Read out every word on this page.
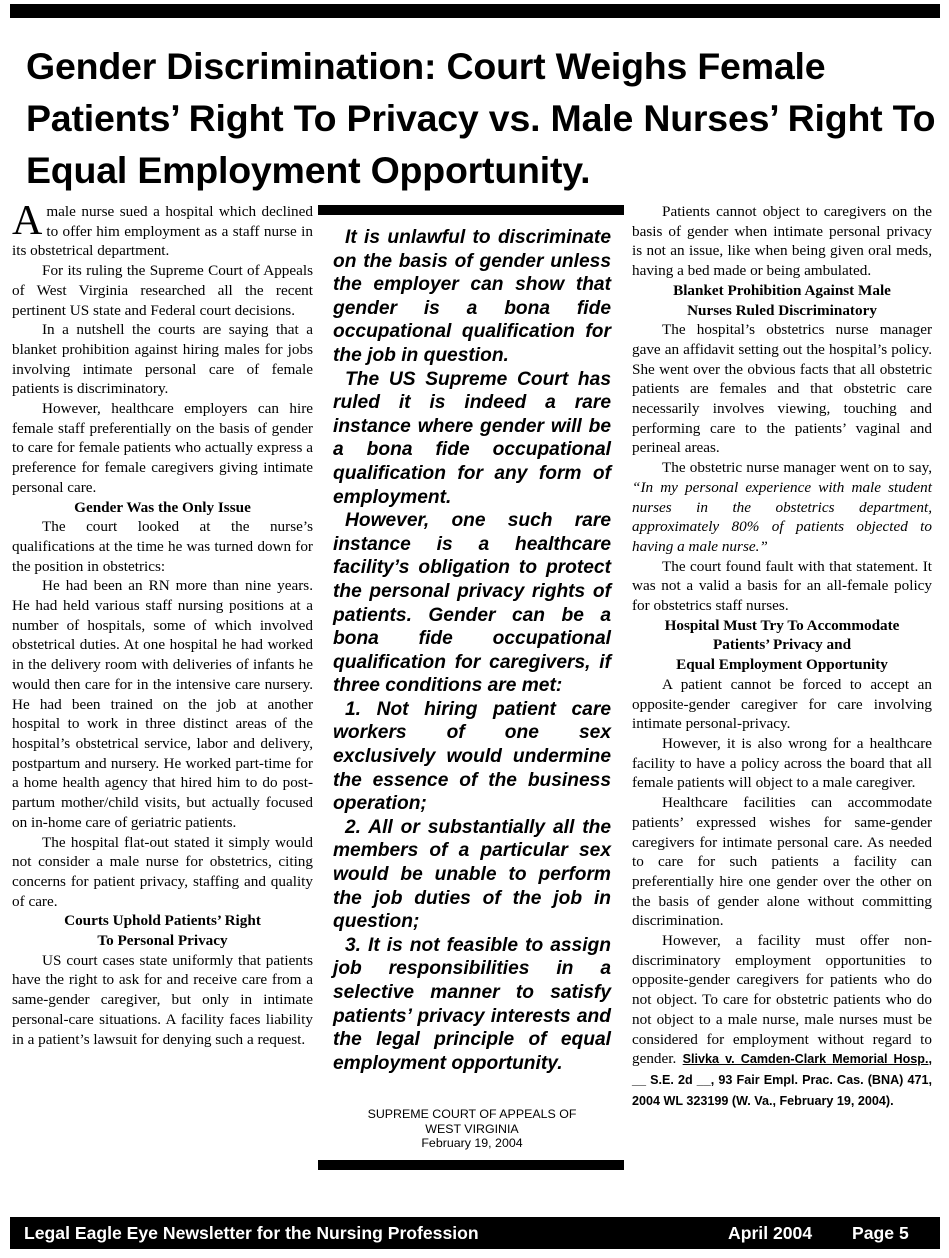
Gender Discrimination: Court Weighs Female Patients’ Right To Privacy vs. Male Nurses’ Right To Equal Employment Opportunity.

Amale nurse sued a hospital which declined to offer him employment as a staff nurse in its obstetrical department.

For its ruling the Supreme Court of Appeals of West Virginia researched all the recent pertinent US state and Federal court decisions.

In a nutshell the courts are saying that a blanket prohibition against hiring males for jobs involving intimate personal care of female patients is discriminatory.

However, healthcare employers can hire female staff preferentially on the basis of gender to care for female patients who actually express a preference for female caregivers giving intimate personal care.

Gender Was the Only Issue

The court looked at the nurse’s qualifications at the time he was turned down for the position in obstetrics:

He had been an RN more than nine years. He had held various staff nursing positions at a number of hospitals, some of which involved obstetrical duties. At one hospital he had worked in the delivery room with deliveries of infants he would then care for in the intensive care nursery. He had been trained on the job at another hospital to work in three distinct areas of the hospital’s obstetrical service, labor and delivery, postpartum and nursery. He worked part-time for a home health agency that hired him to do post-partum mother/child visits, but actually focused on in-home care of geriatric patients.

The hospital flat-out stated it simply would not consider a male nurse for obstetrics, citing concerns for patient privacy, staffing and quality of care.

Courts Uphold Patients’ Right
To Personal Privacy

US court cases state uniformly that patients have the right to ask for and receive care from a same-gender caregiver, but only in intimate personal-care situations. A facility faces liability in a patient’s lawsuit for denying such a request.

It is unlawful to discriminate on the basis of gender unless the employer can show that gender is a bona fide occupational qualification for the job in question.

The US Supreme Court has ruled it is indeed a rare instance where gender will be a bona fide occupational qualification for any form of employment.

However, one such rare instance is a healthcare facility’s obligation to protect the personal privacy rights of patients. Gender can be a bona fide occupational qualification for caregivers, if three conditions are met:

1. Not hiring patient care workers of one sex exclusively would undermine the essence of the business operation;

2. All or substantially all the members of a particular sex would be unable to perform the job duties of the job in question;

3. It is not feasible to assign job responsibilities in a selective manner to satisfy patients’ privacy interests and the legal principle of equal employment opportunity.

SUPREME COURT OF APPEALS OF
WEST VIRGINIA
February 19, 2004

Patients cannot object to caregivers on the basis of gender when intimate personal privacy is not an issue, like when being given oral meds, having a bed made or being ambulated.

Blanket Prohibition Against Male
Nurses Ruled Discriminatory

The hospital’s obstetrics nurse manager gave an affidavit setting out the hospital’s policy. She went over the obvious facts that all obstetric patients are females and that obstetric care necessarily involves viewing, touching and performing care to the patients’ vaginal and perineal areas.

The obstetric nurse manager went on to say, “In my personal experience with male student nurses in the obstetrics department, approximately 80% of patients objected to having a male nurse.”

The court found fault with that statement. It was not a valid a basis for an all-female policy for obstetrics staff nurses.

Hospital Must Try To Accommodate
Patients’ Privacy and
Equal Employment Opportunity

A patient cannot be forced to accept an opposite-gender caregiver for care involving intimate personal-privacy.

However, it is also wrong for a healthcare facility to have a policy across the board that all female patients will object to a male caregiver.

Healthcare facilities can accommodate patients’ expressed wishes for same-gender caregivers for intimate personal care. As needed to care for such patients a facility can preferentially hire one gender over the other on the basis of gender alone without committing discrimination.

However, a facility must offer non-discriminatory employment opportunities to opposite-gender caregivers for patients who do not object. To care for obstetric patients who do not object to a male nurse, male nurses must be considered for employment without regard to gender. Slivka v. Camden-Clark Memorial Hosp., __ S.E. 2d __, 93 Fair Empl. Prac. Cas. (BNA) 471, 2004 WL 323199 (W. Va., February 19, 2004).

Legal Eagle Eye Newsletter for the Nursing Profession	April 2004 Page 5
